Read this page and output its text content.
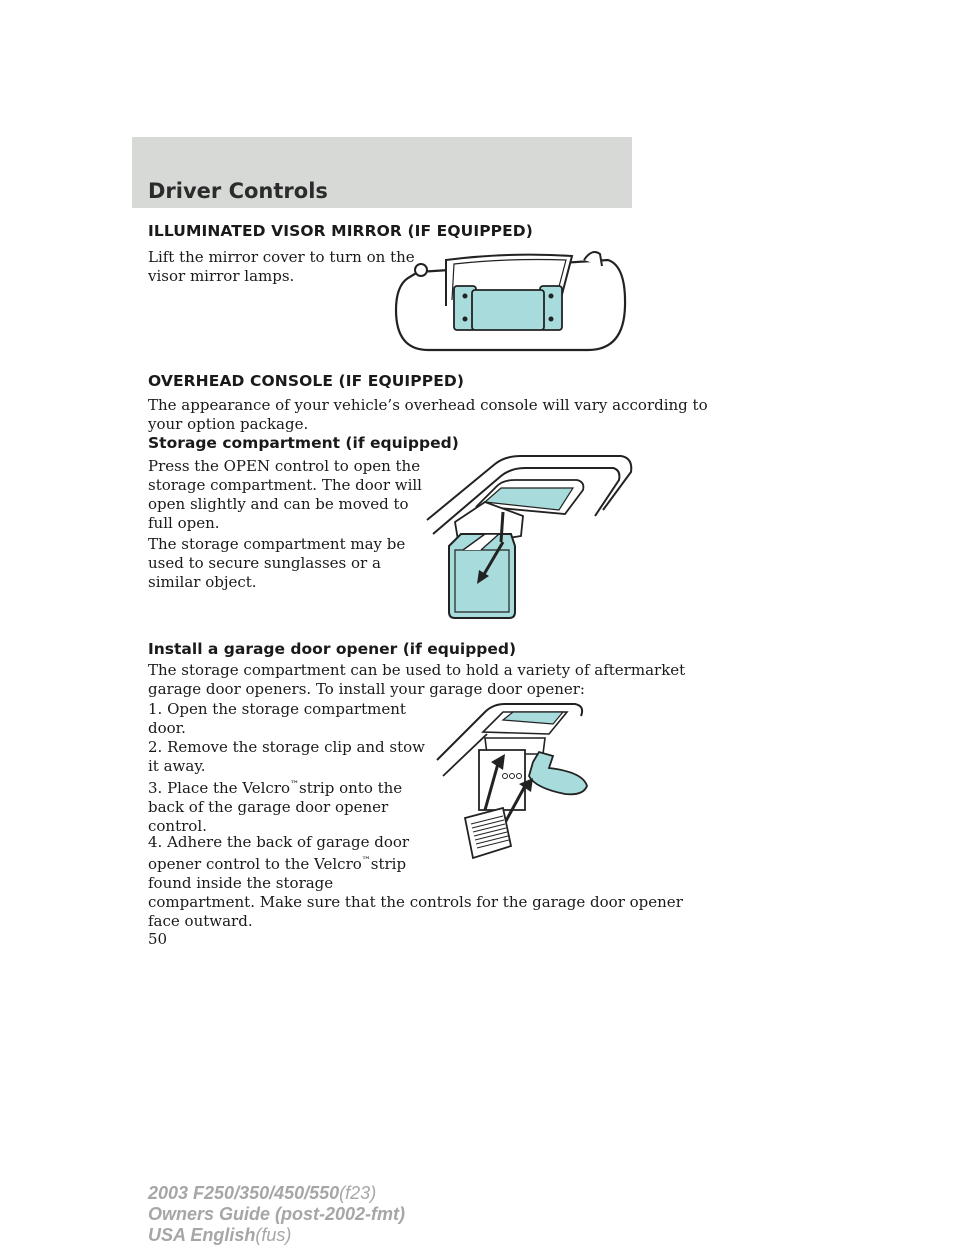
Driver Controls
ILLUMINATED VISOR MIRROR (IF EQUIPPED)
Lift the mirror cover to turn on the
visor mirror lamps.
OVERHEAD CONSOLE (IF EQUIPPED)
The appearance of your vehicle’s overhead console will vary according to
your option package.
Storage compartment (if equipped)
Press the OPEN control to open the
storage compartment. The door will
open slightly and can be moved to
full open.
The storage compartment may be
used to secure sunglasses or a
similar object.
Install a garage door opener (if equipped)
The storage compartment can be used to hold a variety of aftermarket
garage door openers. To install your garage door opener:
1. Open the storage compartment
door.
2. Remove the storage clip and stow
it away.
3. Place the Velcro™strip onto the
back of the garage door opener
control.
4. Adhere the back of garage door
opener control to the Velcro™strip
found inside the storage
compartment. Make sure that the controls for the garage door opener
face outward.
50
2003 F250/350/450/550(f23)
Owners Guide (post-2002-fmt)
USA English(fus)
